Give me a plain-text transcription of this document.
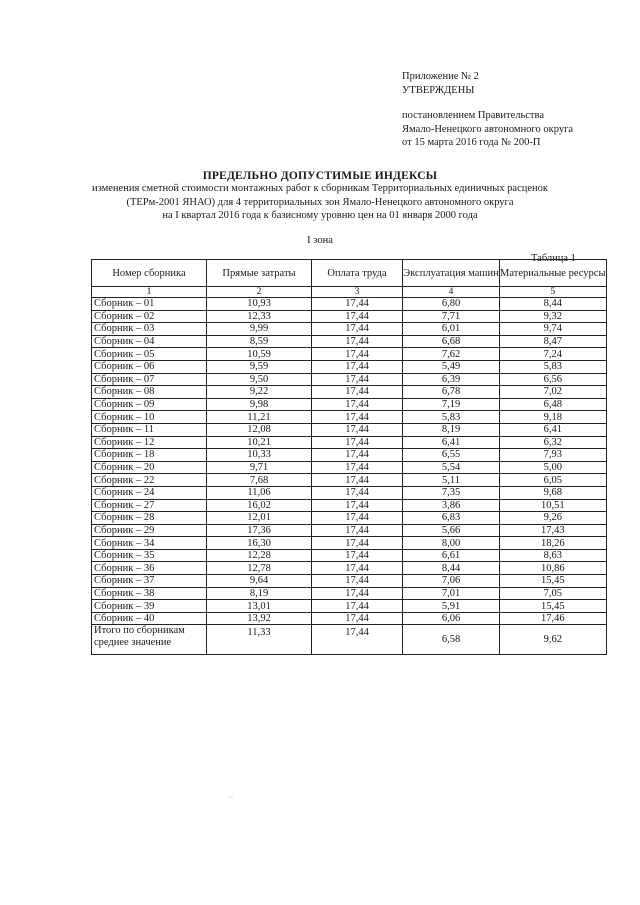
Приложение № 2
УТВЕРЖДЕНЫ
постановлением Правительства
Ямало-Ненецкого автономного округа
от 15 марта 2016 года № 200-П
ПРЕДЕЛЬНО ДОПУСТИМЫЕ ИНДЕКСЫ
изменения сметной стоимости монтажных работ к сборникам Территориальных единичных расценок
(ТЕРм-2001 ЯНАО) для 4 территориальных зон Ямало-Ненецкого автономного округа
на I квартал 2016 года к базисному уровню цен на 01 января 2000 года
I зона
Таблица 1
Номер сборника	Прямые затраты	Оплата труда	Эксплуатация машин	Материальные ресурсы
1	2	3	4	5
Сборник – 01	10,93	17,44	6,80	8,44
Сборник – 02	12,33	17,44	7,71	9,32
Сборник – 03	9,99	17,44	6,01	9,74
Сборник – 04	8,59	17,44	6,68	8,47
Сборник – 05	10,59	17,44	7,62	7,24
Сборник – 06	9,59	17,44	5,49	5,83
Сборник – 07	9,50	17,44	6,39	6,56
Сборник – 08	9,22	17,44	6,78	7,02
Сборник – 09	9,98	17,44	7,19	6,48
Сборник – 10	11,21	17,44	5,83	9,18
Сборник – 11	12,08	17,44	8,19	6,41
Сборник – 12	10,21	17,44	6,41	6,32
Сборник – 18	10,33	17,44	6,55	7,93
Сборник – 20	9,71	17,44	5,54	5,00
Сборник – 22	7,68	17,44	5,11	6,05
Сборник – 24	11,06	17,44	7,35	9,68
Сборник – 27	16,02	17,44	3,86	10,51
Сборник – 28	12,01	17,44	6,83	9,26
Сборник – 29	17,36	17,44	5,66	17,43
Сборник – 34	16,30	17,44	8,00	18,26
Сборник – 35	12,28	17,44	6,61	8,63
Сборник – 36	12,78	17,44	8,44	10,86
Сборник – 37	9,64	17,44	7,06	15,45
Сборник – 38	8,19	17,44	7,01	7,05
Сборник – 39	13,01	17,44	5,91	15,45
Сборник – 40	13,92	17,44	6,06	17,46

Итого по сборникам
среднее значение	11,33	17,44	6,58	9,62
··
